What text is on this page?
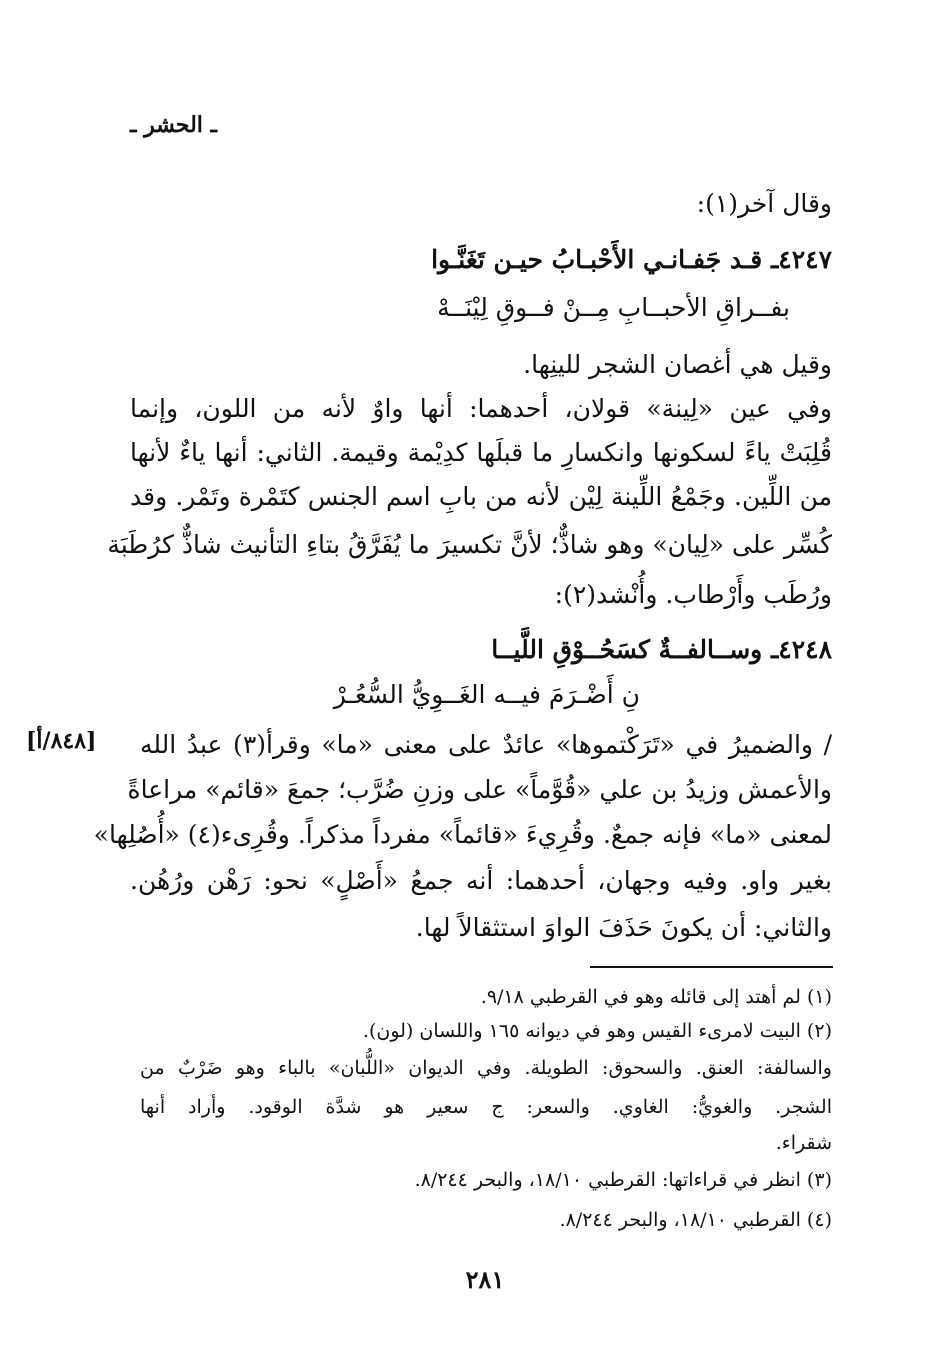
ـ الحشر ـ
وقال آخر(١):
٤٢٤٧ـ قـد جَفـانـي الأَحْبـابُ حيـن تَغَنَّـوا
بفــراقِ الأحبــابِ مِــنْ فــوقِ لِيْنَــهْ
وقيل هي أغصان الشجر للينِها.
وفي عين «لِينة» قولان، أحدهما: أنها واوٌ لأنه من اللون، وإنما
قُلِبَتْ ياءً لسكونها وانكسارِ ما قبلَها كدِيْمة وقيمة. الثاني: أنها ياءٌ لأنها
من اللِّين. وجَمْعُ اللِّينة لِيْن لأنه من بابِ اسم الجنس كتَمْرة وتَمْر. وقد
كُسِّر على «لِيان» وهو شاذٌّ؛ لأنَّ تكسيرَ ما يُفَرَّقُ بتاءِ التأنيث شاذٌّ كرُطَبَة
ورُطَب وأَرْطاب. وأُنْشد(٢):
٤٢٤٨ـ وســالفــةٌ كسَحُــوْقِ اللَّيــا
نِ أَضْـرَمَ فيــه الغَــوِيُّ السُّعُـرْ
[٨٤٨/أ] / والضميرُ في «تَرَكْتموها» عائدٌ على معنى «ما» وقرأ(٣) عبدُ الله
والأعمش وزيدُ بن علي «قُوَّماً» على وزنِ ضُرَّب؛ جمعَ «قائم» مراعاةً
لمعنى «ما» فإنه جمعٌ. وقُرِيءَ «قائماً» مفرداً مذكراً. وقُرِىء(٤) «أُصُلِها»
بغير واو. وفيه وجهان، أحدهما: أنه جمعُ «أَصْلٍ» نحو: رَهْن ورُهُن.
والثاني: أن يكونَ حَذَفَ الواوَ استثقالاً لها.
(١) لم أهتد إلى قائله وهو في القرطبي ٩/١٨.
(٢) البيت لامرىء القيس وهو في ديوانه ١٦٥ واللسان (لون).
والسالفة: العنق. والسحوق: الطويلة. وفي الديوان «اللُّبان» بالباء وهو ضَرْبٌ من
الشجر. والغويُّ: الغاوي. والسعر: ج سعير هو شدَّة الوقود. وأراد أنها
شقراء.
(٣) انظر في قراءاتها: القرطبي ١٨/١٠، والبحر ٨/٢٤٤.
(٤) القرطبي ١٨/١٠، والبحر ٨/٢٤٤.
٢٨١
